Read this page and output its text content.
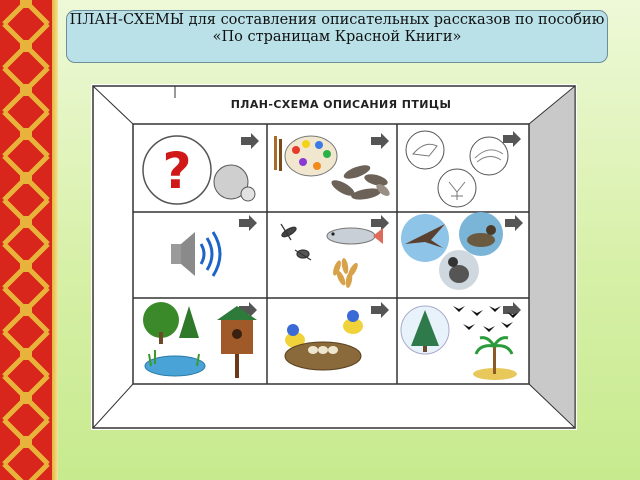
ПЛАН-СХЕМЫ для составления описательных рассказов по пособию
«По страницам Красной Книги»
?
ПЛАН-СХЕМА ОПИСАНИЯ ПТИЦЫ
